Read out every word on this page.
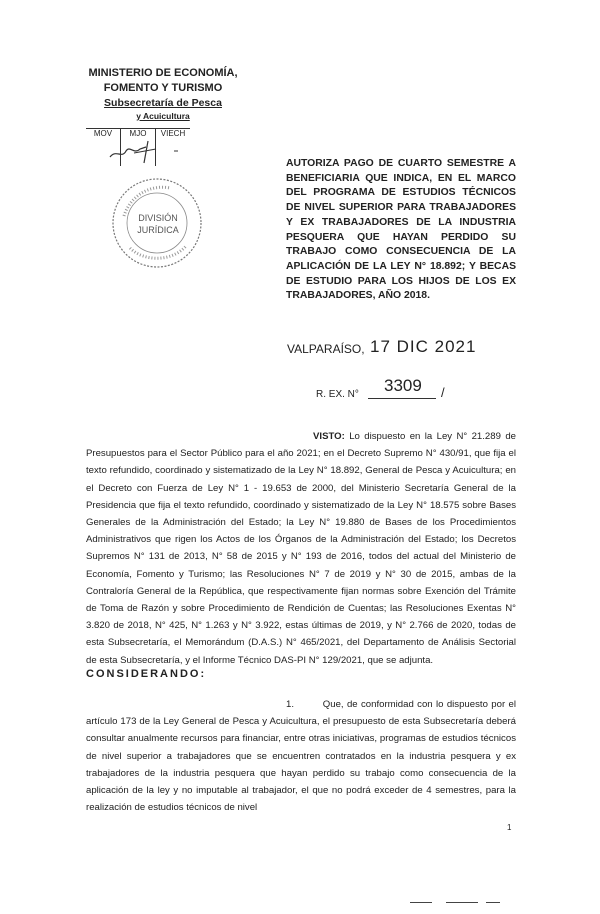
MINISTERIO DE ECONOMÍA,
FOMENTO Y TURISMO
Subsecretaría de Pesca
y Acuicultura
MOV	MJO	VIECH
DIVISIÓN JURÍDICA
AUTORIZA PAGO DE CUARTO SEMESTRE A BENEFICIARIA QUE INDICA, EN EL MARCO DEL PROGRAMA DE ESTUDIOS TÉCNICOS DE NIVEL SUPERIOR PARA TRABAJADORES Y EX TRABAJADORES DE LA INDUSTRIA PESQUERA QUE HAYAN PERDIDO SU TRABAJO COMO CONSECUENCIA DE LA APLICACIÓN DE LA LEY N° 18.892; Y BECAS DE ESTUDIO PARA LOS HIJOS DE LOS EX TRABAJADORES, AÑO 2018.
VALPARAÍSO, 17 DIC 2021
R. EX. N° 3309 /
VISTO: Lo dispuesto en la Ley N° 21.289 de Presupuestos para el Sector Público para el año 2021; en el Decreto Supremo N° 430/91, que fija el texto refundido, coordinado y sistematizado de la Ley N° 18.892, General de Pesca y Acuicultura; en el Decreto con Fuerza de Ley N° 1 - 19.653 de 2000, del Ministerio Secretaría General de la Presidencia que fija el texto refundido, coordinado y sistematizado de la Ley N° 18.575 sobre Bases Generales de la Administración del Estado; la Ley N° 19.880 de Bases de los Procedimientos Administrativos que rigen los Actos de los Órganos de la Administración del Estado; los Decretos Supremos N° 131 de 2013, N° 58 de 2015 y N° 193 de 2016, todos del actual del Ministerio de Economía, Fomento y Turismo; las Resoluciones N° 7 de 2019 y N° 30 de 2015, ambas de la Contraloría General de la República, que respectivamente fijan normas sobre Exención del Trámite de Toma de Razón y sobre Procedimiento de Rendición de Cuentas; las Resoluciones Exentas N° 3.820 de 2018, N° 425, N° 1.263 y N° 3.922, estas últimas de 2019, y N° 2.766 de 2020, todas de esta Subsecretaría, el Memorándum (D.A.S.) N° 465/2021, del Departamento de Análisis Sectorial de esta Subsecretaría, y el Informe Técnico DAS-PI N° 129/2021, que se adjunta.
CONSIDERANDO:
1.	Que, de conformidad con lo dispuesto por el artículo 173 de la Ley General de Pesca y Acuicultura, el presupuesto de esta Subsecretaría deberá consultar anualmente recursos para financiar, entre otras iniciativas, programas de estudios técnicos de nivel superior a trabajadores que se encuentren contratados en la industria pesquera y ex trabajadores de la industria pesquera que hayan perdido su trabajo como consecuencia de la aplicación de la ley y no imputable al trabajador, el que no podrá exceder de 4 semestres, para la realización de estudios técnicos de nivel
1
